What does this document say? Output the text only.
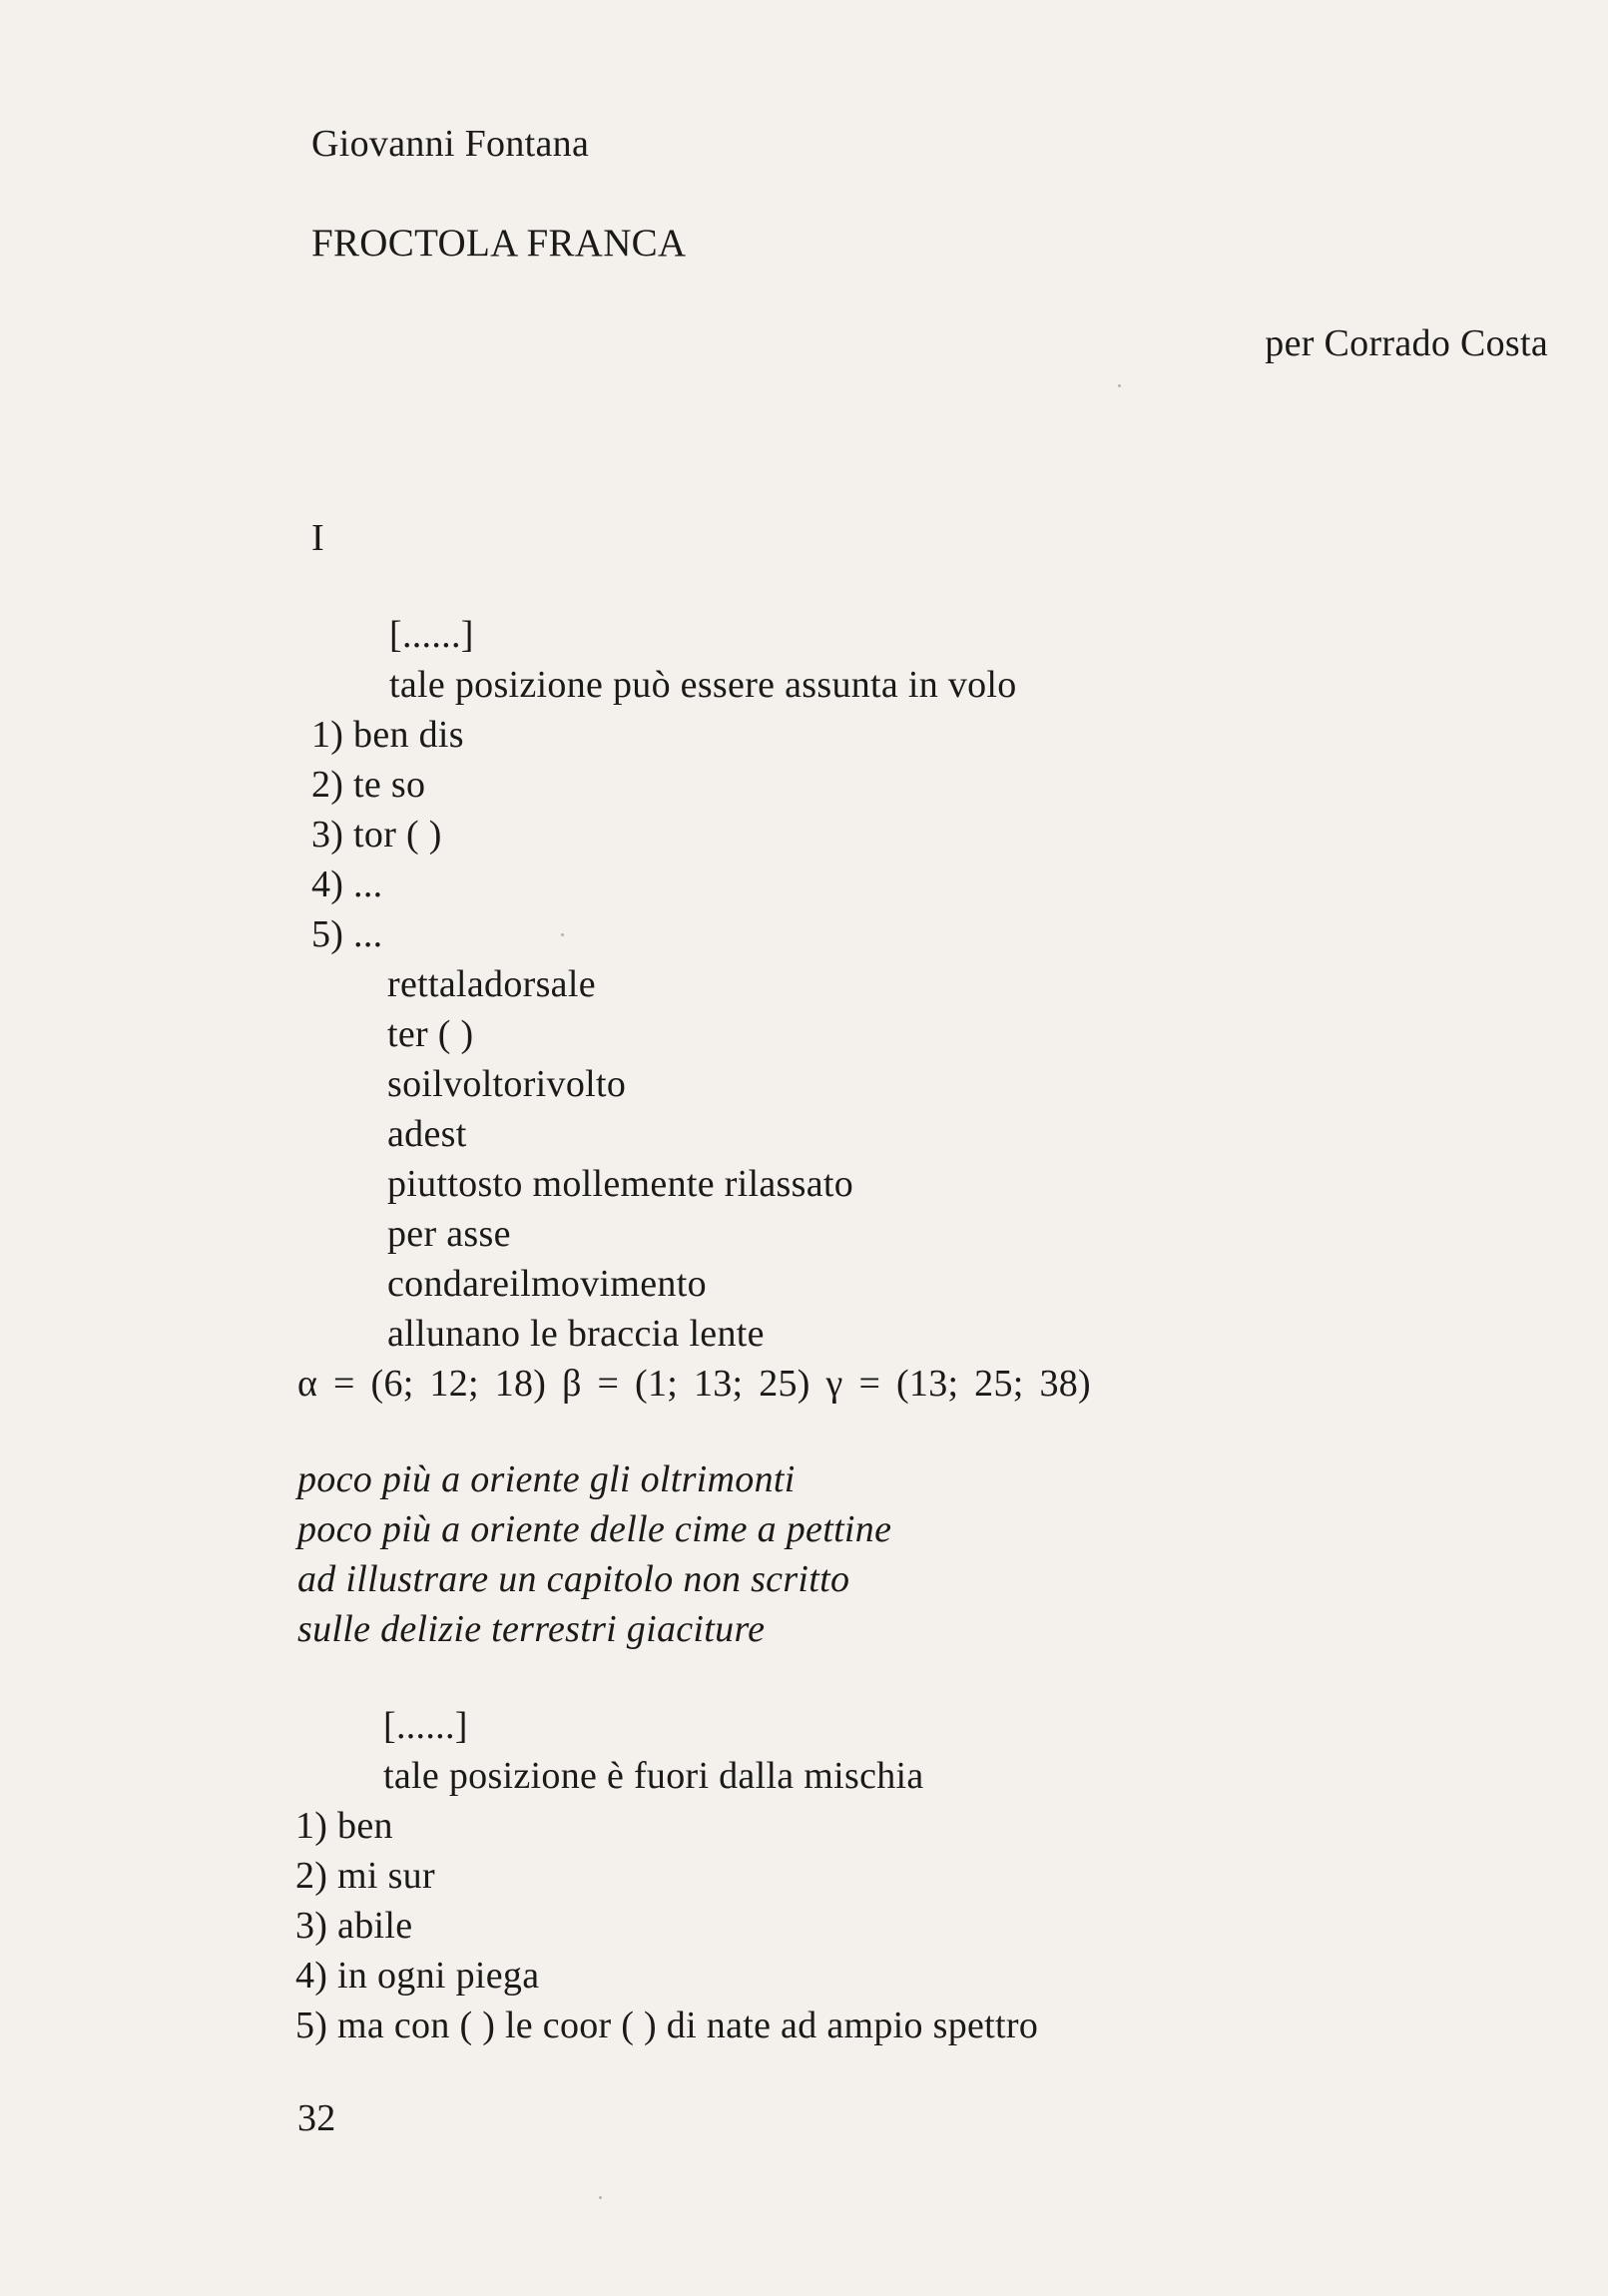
Giovanni Fontana
FROCTOLA FRANCA
per Corrado Costa
I
[......]
tale posizione può essere assunta in volo
1) ben dis
2) te so
3) tor ( )
4) ...
5) ...
rettaladorsale
ter ( )
soilvoltorivolto
adest
piuttosto mollemente rilassato
per asse
condareilmovimento
allunano le braccia lente
α = (6; 12; 18) β = (1; 13; 25) γ = (13; 25; 38)
poco più a oriente gli oltrimonti
poco più a oriente delle cime a pettine
ad illustrare un capitolo non scritto
sulle delizie terrestri giaciture
[......]
tale posizione è fuori dalla mischia
1) ben
2) mi sur
3) abile
4) in ogni piega
5) ma con ( ) le coor ( ) di nate ad ampio spettro
32
